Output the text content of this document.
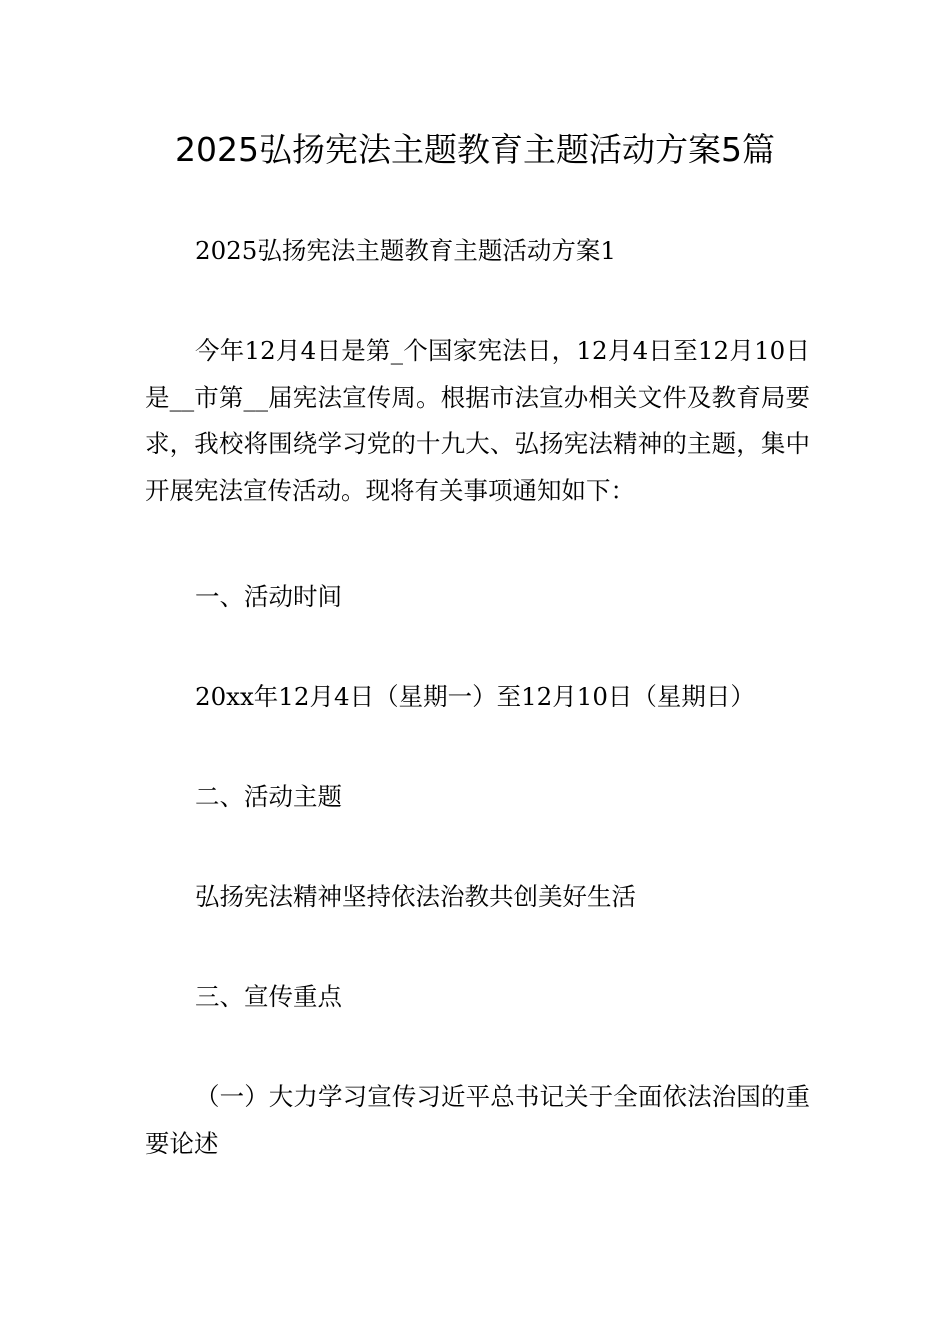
2025弘扬宪法主题教育主题活动方案5篇

2025弘扬宪法主题教育主题活动方案1

今年12月4日是第_个国家宪法日，12月4日至12月10日是__市第__届宪法宣传周。根据市法宣办相关文件及教育局要求，我校将围绕学习党的十九大、弘扬宪法精神的主题，集中开展宪法宣传活动。现将有关事项通知如下：

一、活动时间

20xx年12月4日（星期一）至12月10日（星期日）

二、活动主题

弘扬宪法精神坚持依法治教共创美好生活

三、宣传重点

（一）大力学习宣传习近平总书记关于全面依法治国的重要论述
